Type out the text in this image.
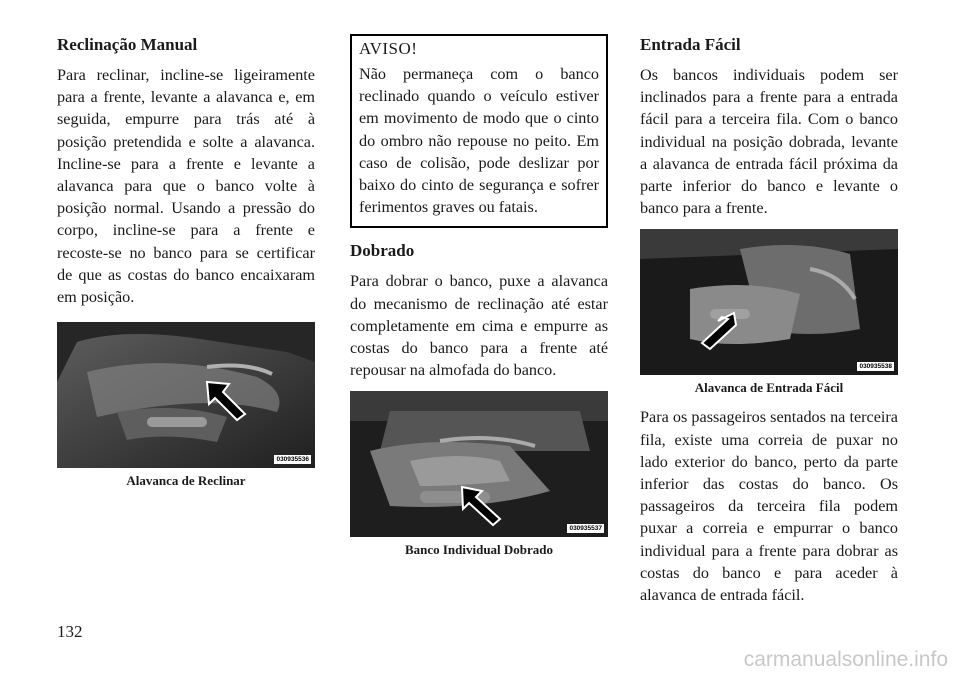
Reclinação Manual

Para reclinar, incline-se ligeiramente para a frente, levante a alavanca e, em seguida, empurre para trás até à posição pretendida e solte a alavanca. Incline-se para a frente e levante a alavanca para que o banco volte à posição normal. Usando a pressão do corpo, incline-se para a frente e recoste-se no banco para se certificar de que as costas do banco encaixaram em posição.

030935536
Alavanca de Reclinar

AVISO!

Não permaneça com o banco reclinado quando o veículo estiver em movimento de modo que o cinto do ombro não repouse no peito. Em caso de colisão, pode deslizar por baixo do cinto de segurança e sofrer ferimentos graves ou fatais.

Dobrado

Para dobrar o banco, puxe a alavanca do mecanismo de reclinação até estar completamente em cima e empurre as costas do banco para a frente até repousar na almofada do banco.

030935537
Banco Individual Dobrado

Entrada Fácil

Os bancos individuais podem ser inclinados para a frente para a entrada fácil para a terceira fila. Com o banco individual na posição dobrada, levante a alavanca de entrada fácil próxima da parte inferior do banco e levante o banco para a frente.

030935538
Alavanca de Entrada Fácil

Para os passageiros sentados na terceira fila, existe uma correia de puxar no lado exterior do banco, perto da parte inferior das costas do banco. Os passageiros da terceira fila podem puxar a correia e empurrar o banco individual para a frente para dobrar as costas do banco e para aceder à alavanca de entrada fácil.

132
carmanualsonline.info
